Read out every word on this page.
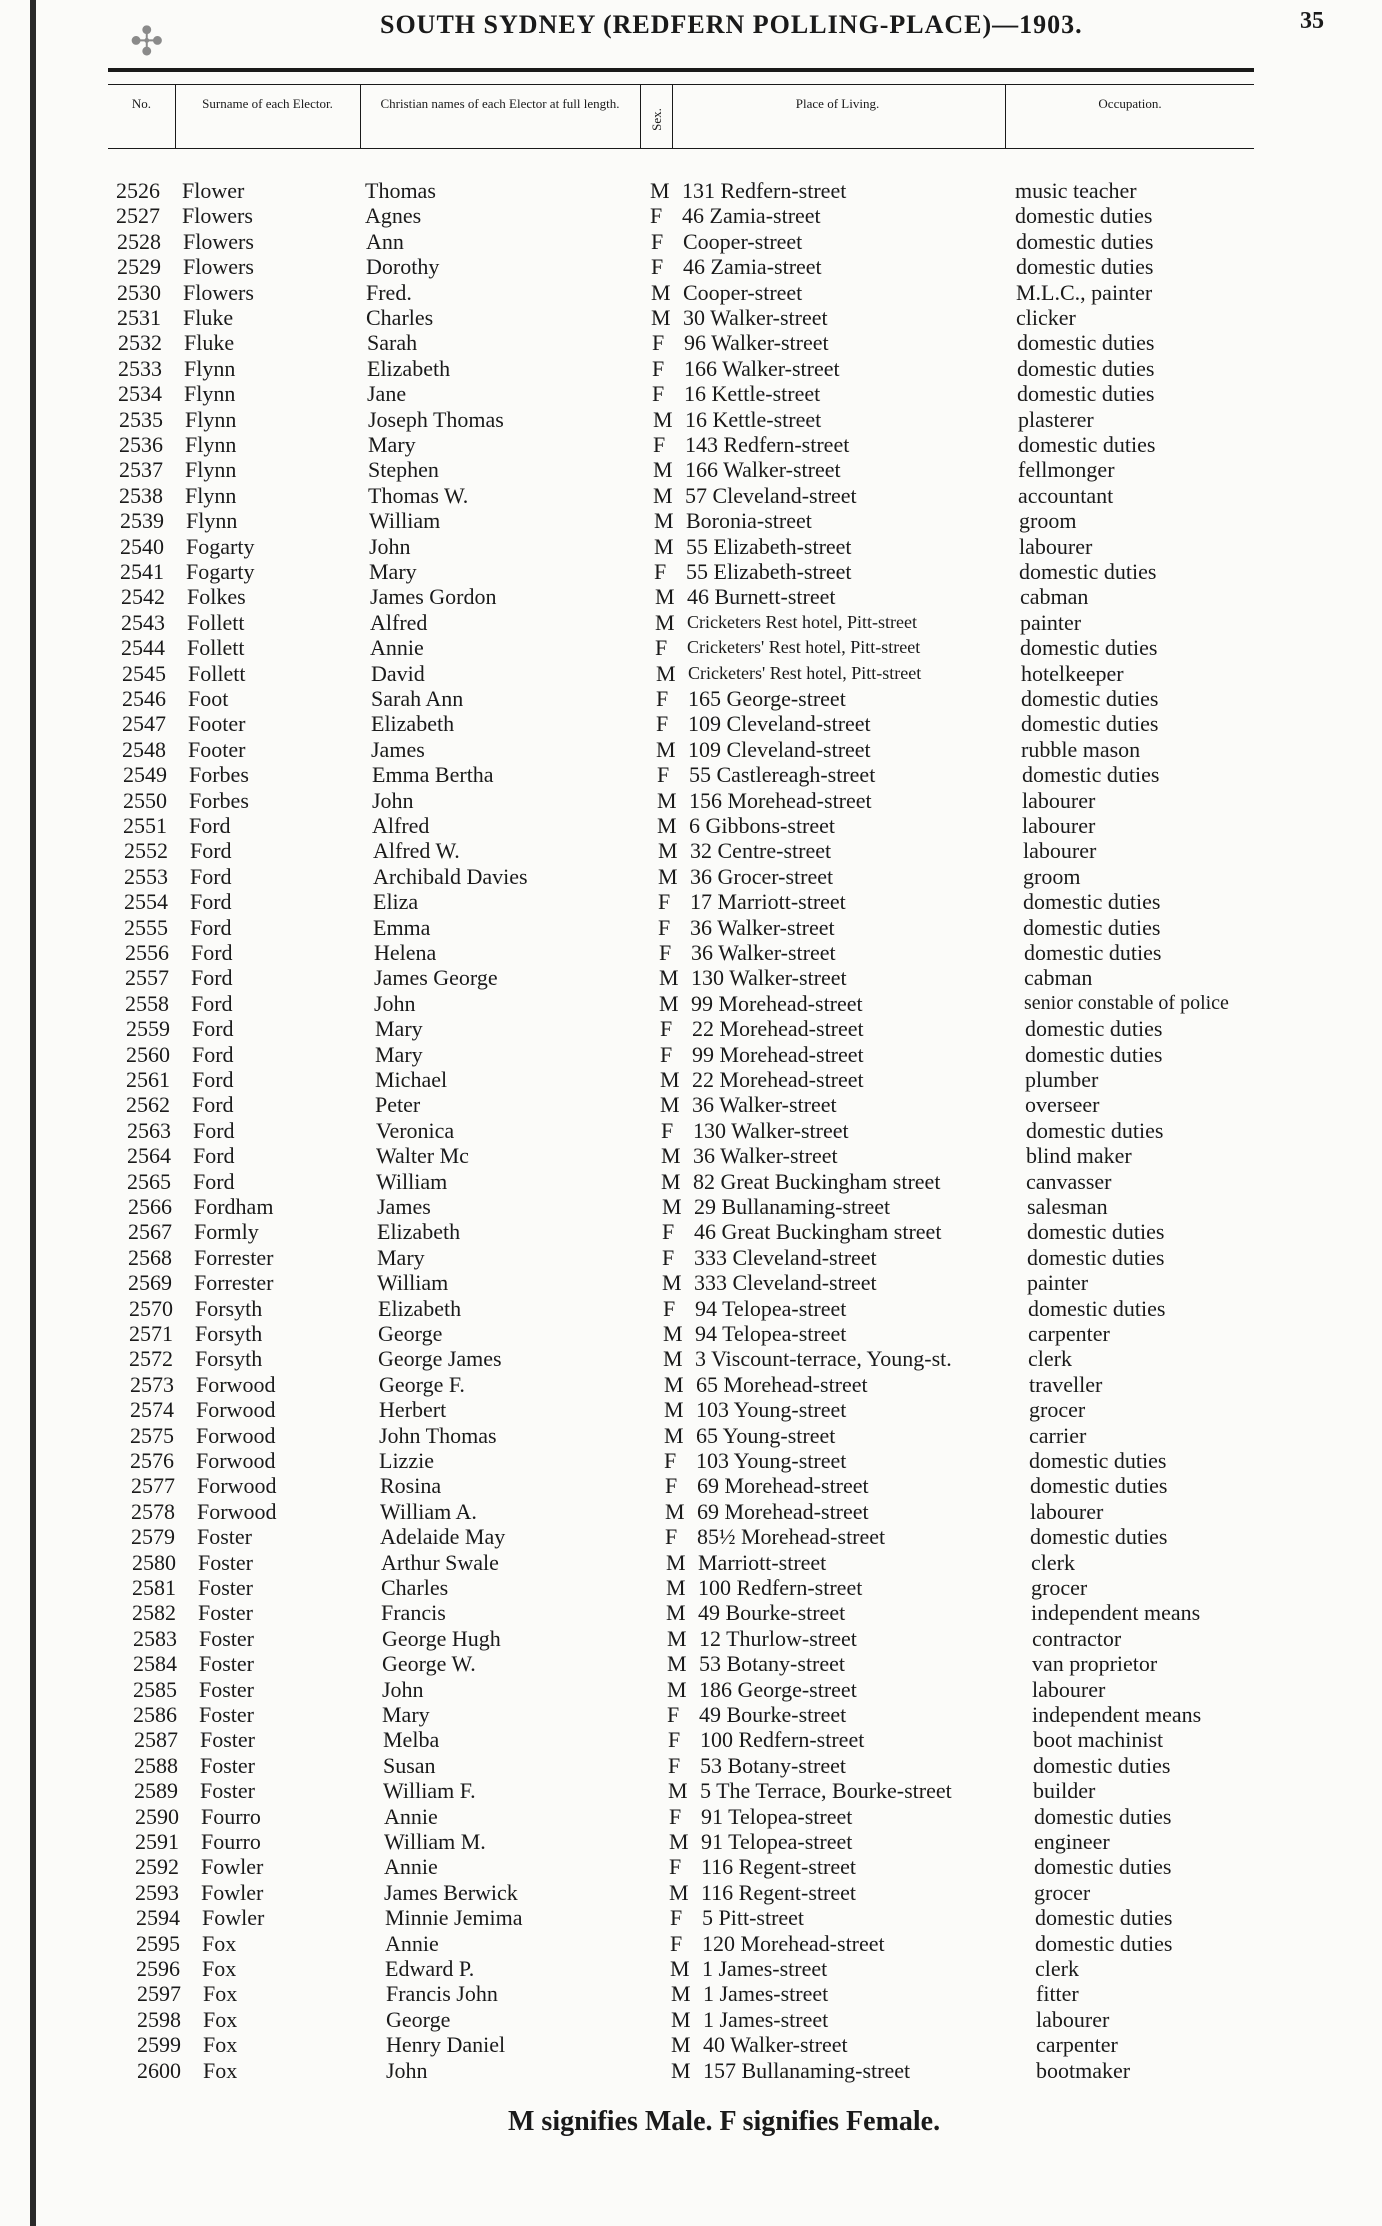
✣	SOUTH SYDNEY (REDFERN POLLING-PLACE)—1903.	35
No.	Surname of each Elector.	Christian names of each Elector at full length.
Sex.
Place of Living.	Occupation.
2526 Flower	Thomas	M 131 Redfern-street	music teacher
2527 Flowers	Agnes	F 46 Zamia-street	domestic duties
2528 Flowers	Ann	F Cooper-street	domestic duties
2529 Flowers	Dorothy	F 46 Zamia-street	domestic duties
2530 Flowers	Fred.	M Cooper-street	M.L.C., painter
2531 Fluke	Charles	M 30 Walker-street	clicker
2532 Fluke	Sarah	F 96 Walker-street	domestic duties
2533 Flynn	Elizabeth	F 166 Walker-street	domestic duties
2534 Flynn	Jane	F 16 Kettle-street	domestic duties
2535 Flynn	Joseph Thomas	M 16 Kettle-street	plasterer
2536 Flynn	Mary	F 143 Redfern-street	domestic duties
2537 Flynn	Stephen	M 166 Walker-street	fellmonger
2538 Flynn	Thomas W.	M 57 Cleveland-street	accountant
2539 Flynn	William	M Boronia-street	groom
2540 Fogarty	John	M 55 Elizabeth-street	labourer
2541 Fogarty	Mary	F 55 Elizabeth-street	domestic duties
2542 Folkes	James Gordon	M 46 Burnett-street	cabman
2543 Follett	Alfred	M Cricketers Rest hotel, Pitt-street	painter
2544 Follett	Annie	F Cricketers' Rest hotel, Pitt-street	domestic duties
2545 Follett	David	M Cricketers' Rest hotel, Pitt-street	hotelkeeper
2546 Foot	Sarah Ann	F 165 George-street	domestic duties
2547 Footer	Elizabeth	F 109 Cleveland-street	domestic duties
2548 Footer	James	M 109 Cleveland-street	rubble mason
2549 Forbes	Emma Bertha	F 55 Castlereagh-street	domestic duties
2550 Forbes	John	M 156 Morehead-street	labourer
2551 Ford	Alfred	M 6 Gibbons-street	labourer
2552 Ford	Alfred W.	M 32 Centre-street	labourer
2553 Ford	Archibald Davies	M 36 Grocer-street	groom
2554 Ford	Eliza	F 17 Marriott-street	domestic duties
2555 Ford	Emma	F 36 Walker-street	domestic duties
2556 Ford	Helena	F 36 Walker-street	domestic duties
2557 Ford	James George	M 130 Walker-street	cabman
2558 Ford	John	M 99 Morehead-street	senior constable of police
2559 Ford	Mary	F 22 Morehead-street	domestic duties
2560 Ford	Mary	F 99 Morehead-street	domestic duties
2561 Ford	Michael	M 22 Morehead-street	plumber
2562 Ford	Peter	M 36 Walker-street	overseer
2563 Ford	Veronica	F 130 Walker-street	domestic duties
2564 Ford	Walter Mc	M 36 Walker-street	blind maker
2565 Ford	William	M 82 Great Buckingham street	canvasser
2566 Fordham	James	M 29 Bullanaming-street	salesman
2567 Formly	Elizabeth	F 46 Great Buckingham street	domestic duties
2568 Forrester	Mary	F 333 Cleveland-street	domestic duties
2569 Forrester	William	M 333 Cleveland-street	painter
2570 Forsyth	Elizabeth	F 94 Telopea-street	domestic duties
2571 Forsyth	George	M 94 Telopea-street	carpenter
2572 Forsyth	George James	M 3 Viscount-terrace, Young-st.	clerk
2573 Forwood	George F.	M 65 Morehead-street	traveller
2574 Forwood	Herbert	M 103 Young-street	grocer
2575 Forwood	John Thomas	M 65 Young-street	carrier
2576 Forwood	Lizzie	F 103 Young-street	domestic duties
2577 Forwood	Rosina	F 69 Morehead-street	domestic duties
2578 Forwood	William A.	M 69 Morehead-street	labourer
2579 Foster	Adelaide May	F 85½ Morehead-street	domestic duties
2580 Foster	Arthur Swale	M Marriott-street	clerk
2581 Foster	Charles	M 100 Redfern-street	grocer
2582 Foster	Francis	M 49 Bourke-street	independent means
2583 Foster	George Hugh	M 12 Thurlow-street	contractor
2584 Foster	George W.	M 53 Botany-street	van proprietor
2585 Foster	John	M 186 George-street	labourer
2586 Foster	Mary	F 49 Bourke-street	independent means
2587 Foster	Melba	F 100 Redfern-street	boot machinist
2588 Foster	Susan	F 53 Botany-street	domestic duties
2589 Foster	William F.	M 5 The Terrace, Bourke-street	builder
2590 Fourro	Annie	F 91 Telopea-street	domestic duties
2591 Fourro	William M.	M 91 Telopea-street	engineer
2592 Fowler	Annie	F 116 Regent-street	domestic duties
2593 Fowler	James Berwick	M 116 Regent-street	grocer
2594 Fowler	Minnie Jemima	F 5 Pitt-street	domestic duties
2595 Fox	Annie	F 120 Morehead-street	domestic duties
2596 Fox	Edward P.	M 1 James-street	clerk
2597 Fox	Francis John	M 1 James-street	fitter
2598 Fox	George	M 1 James-street	labourer
2599 Fox	Henry Daniel	M 40 Walker-street	carpenter
2600 Fox	John	M 157 Bullanaming-street	bootmaker
M signifies Male. F signifies Female.
